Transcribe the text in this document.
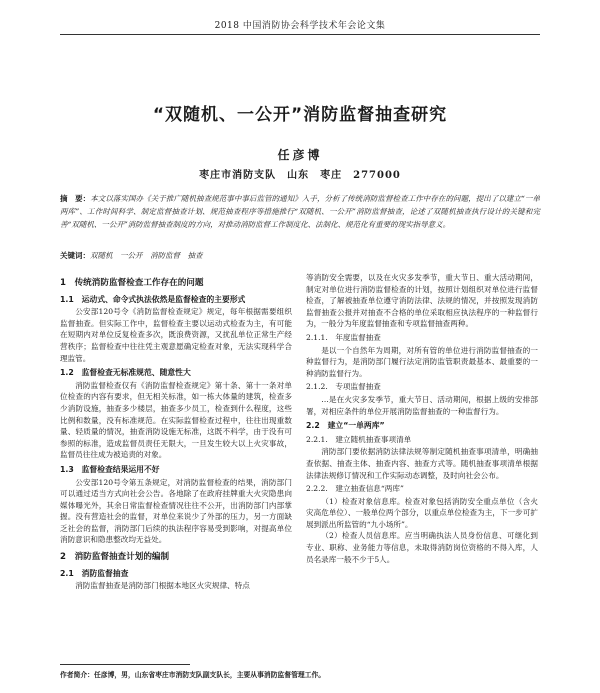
2018 中国消防协会科学技术年会论文集
“双随机、一公开”消防监督抽查研究
任彦博
枣庄市消防支队　山东　枣庄　277000
摘　要：本文以落实国办《关于推广随机抽查规范事中事后监管的通知》入手，分析了传统消防监督检查工作中存在的问题，提出了以建立“一单两库”、工作时间科学、制定监督抽查计划、规范抽查程序等措施推行“双随机、一公开”消防监督抽查，论述了双随机抽查执行设计的关键和完善“双随机、一公开”消防监督抽查制度的方向，对推动消防监督工作制度化、法制化、规范化有重要的现实指导意义。
关键词：双随机　一公开　消防监督　抽查
1　传统消防监督检查工作存在的问题
1.1　运动式、命令式执法依然是监督检查的主要形式

公安部120号令《消防监督检查规定》规定，每年根据需要组织监督抽查。但实际工作中，监督检查主要以运动式检查为主，有可能在短期内对单位反复检查多次，既浪费资源，又扰乱单位正常生产经营秩序；监督检查中往往凭主观意愿确定检查对象，无法实现科学合理监管。

1.2　监督检查无标准规范、随意性大

消防监督检查仅有《消防监督检查规定》第十条、第十一条对单位检查的内容有要求，但无相关标准，如一栋大体量的建筑，检查多少消防设施，抽查多少楼层，抽查多少员工，检查到什么程度，这些比例和数量，没有标准规范。在实际监督检查过程中，往往出现重数量、轻质量的情况，抽查消防设施无标准，这既不科学，由于没有可参照的标准，造成监督员责任无限大，一旦发生较大以上火灾事故，监督员往往成为被追责的对象。

1.3　监督检查结果运用不好

公安部120号令第五条规定，对消防监督检查的结果，消防部门可以通过适当方式向社会公告。各地除了在政府挂牌重大火灾隐患向媒体曝光外，其余日常监督检查情况往往不公开，出消防部门内部掌握。没有营造社会的监督，对单位来说少了外部的压力，另一方面缺乏社会的监督，消防部门后续的执法程序容易受到影响，对提高单位消防意识和隐患整改均无益处。

2　消防监督抽查计划的编制
2.1　消防监督抽查

消防监督抽查是消防部门根据本地区火灾规律、特点

等消防安全需要，以及在火灾多发季节，重大节日、重大活动期间，制定对单位进行消防监督检查的计划，按照计划组织对单位进行监督检查，了解被抽查单位遵守消防法律、法规的情况，并按照发现消防监督抽查公报并对抽查不合格的单位采取相应执法程序的一种监督行为，一般分为年度监督抽查和专项监督抽查两种。

2.1.1.　年度监督抽查

是以一个自然年为周期，对所有管的单位进行消防监督抽查的一种监督行为，是消防部门履行法定消防监管职责最基本、最重要的一种消防监督行为。

2.1.2.　专项监督抽查

…是在火灾多发季节，重大节日、活动期间，根据上级的安排部署，对相应条件的单位开展消防监督抽查的一种监督行为。

2.2　建立“一单两库”
2.2.1.　建立随机抽查事项清单

消防部门要依据消防法律法规等制定随机抽查事项清单，明确抽查依据、抽查主体、抽查内容、抽查方式等。随机抽查事项清单根据法律法规修订情况和工作实际动态调整，及时向社会公布。

2.2.2.　建立抽查信息“两库”

（1）检查对象信息库。检查对象包括消防安全重点单位（含火灾高危单位）、一般单位两个部分，以重点单位检查为主，下一步可扩展到派出所监管的“九小场所”。

（2）检查人员信息库。应当明确执法人员身份信息、可继化到专业、职称、业务能力等信息，未取得消防岗位资格的不得入库，人员名录库一般不少于5人。

作者简介：任彦博，男，山东省枣庄市消防支队副支队长，主要从事消防监督管理工作。
